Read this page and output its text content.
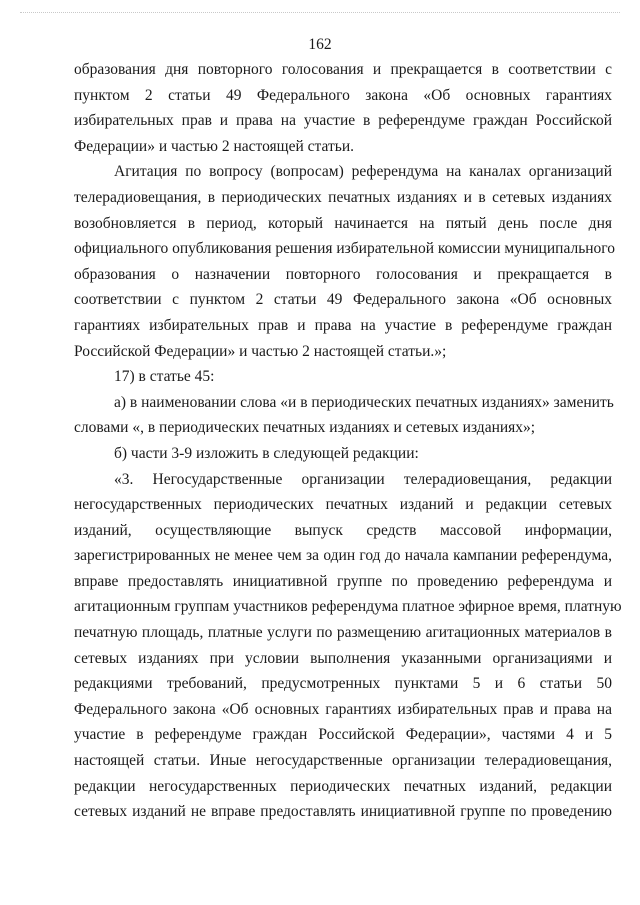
162
образования дня повторного голосования и прекращается в соответствии с
пунктом 2 статьи 49 Федерального закона «Об основных гарантиях
избирательных прав и права на участие в референдуме граждан Российской
Федерации» и частью 2 настоящей статьи.
Агитация по вопросу (вопросам) референдума на каналах организаций
телерадиовещания, в периодических печатных изданиях и в сетевых изданиях
возобновляется в период, который начинается на пятый день после дня
официального опубликования решения избирательной комиссии муниципального
образования о назначении повторного голосования и прекращается в
соответствии с пунктом 2 статьи 49 Федерального закона «Об основных
гарантиях избирательных прав и права на участие в референдуме граждан
Российской Федерации» и частью 2 настоящей статьи.»;
17) в статье 45:
а) в наименовании слова «и в периодических печатных изданиях» заменить
словами «, в периодических печатных изданиях и сетевых изданиях»;
б) части 3-9 изложить в следующей редакции:
«3. Негосударственные организации телерадиовещания, редакции
негосударственных периодических печатных изданий и редакции сетевых
изданий, осуществляющие выпуск средств массовой информации,
зарегистрированных не менее чем за один год до начала кампании референдума,
вправе предоставлять инициативной группе по проведению референдума и
агитационным группам участников референдума платное эфирное время, платную
печатную площадь, платные услуги по размещению агитационных материалов в
сетевых изданиях при условии выполнения указанными организациями и
редакциями требований, предусмотренных пунктами 5 и 6 статьи 50
Федерального закона «Об основных гарантиях избирательных прав и права на
участие в референдуме граждан Российской Федерации», частями 4 и 5
настоящей статьи. Иные негосударственные организации телерадиовещания,
редакции негосударственных периодических печатных изданий, редакции
сетевых изданий не вправе предоставлять инициативной группе по проведению
